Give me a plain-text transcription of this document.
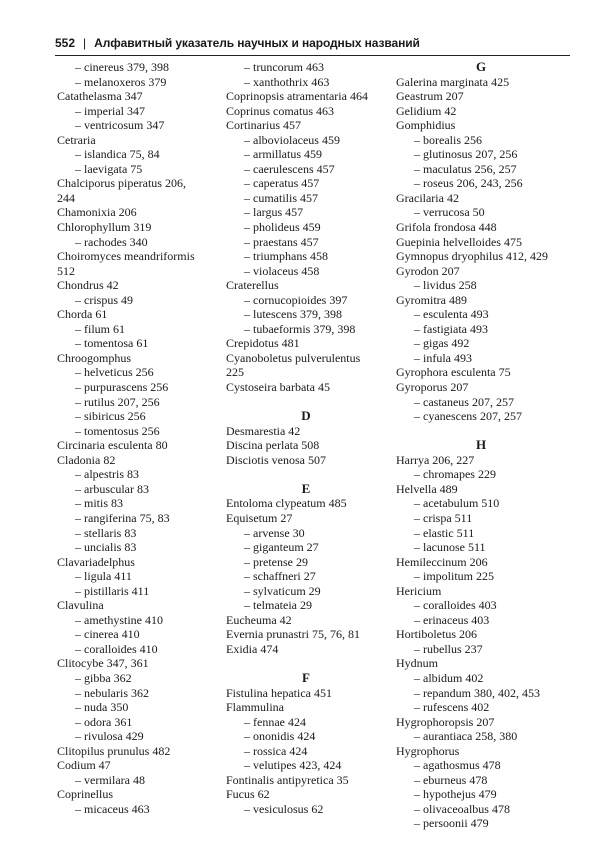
552 | Алфавитный указатель научных и народных названий
– cinereus 379, 398
– melanoxeros 379
Catathelasma 347
– imperial 347
– ventricosum 347
Cetraria
– islandica 75, 84
– laevigata 75
Chalciporus piperatus 206,
244
Chamonixia 206
Chlorophyllum 319
– rachodes 340
Choiromyces meandriformis
512
Chondrus 42
– crispus 49
Chorda 61
– filum 61
– tomentosa 61
Chroogomphus
– helveticus 256
– purpurascens 256
– rutilus 207, 256
– sibiricus 256
– tomentosus 256
Circinaria esculenta 80
Cladonia 82
– alpestris 83
– arbuscular 83
– mitis 83
– rangiferina 75, 83
– stellaris 83
– uncialis 83
Clavariadelphus
– ligula 411
– pistillaris 411
Clavulina
– amethystine 410
– cinerea 410
– coralloides 410
Clitocybe 347, 361
– gibba 362
– nebularis 362
– nuda 350
– odora 361
– rivulosa 429
Clitopilus prunulus 482
Codium 47
– vermilara 48
Coprinellus
– micaceus 463
– truncorum 463
– xanthothrix 463
Coprinopsis atramentaria 464
Coprinus comatus 463
Cortinarius 457
– alboviolaceus 459
– armillatus 459
– caerulescens 457
– caperatus 457
– cumatilis 457
– largus 457
– pholideus 459
– praestans 457
– triumphans 458
– violaceus 458
Craterellus
– cornucopioides 397
– lutescens 379, 398
– tubaeformis 379, 398
Crepidotus 481
Cyanoboletus pulverulentus
225
Cystoseira barbata 45
D
Desmarestia 42
Discina perlata 508
Disciotis venosa 507
E
Entoloma clypeatum 485
Equisetum 27
– arvense 30
– giganteum 27
– pretense 29
– schaffneri 27
– sylvaticum 29
– telmateia 29
Eucheuma 42
Evernia prunastri 75, 76, 81
Exidia 474
F
Fistulina hepatica 451
Flammulina
– fennae 424
– ononidis 424
– rossica 424
– velutipes 423, 424
Fontinalis antipyretica 35
Fucus 62
– vesiculosus 62
G
Galerina marginata 425
Geastrum 207
Gelidium 42
Gomphidius
– borealis 256
– glutinosus 207, 256
– maculatus 256, 257
– roseus 206, 243, 256
Gracilaria 42
– verrucosa 50
Grifola frondosa 448
Guepinia helvelloides 475
Gymnopus dryophilus 412, 429
Gyrodon 207
– lividus 258
Gyromitra 489
– esculenta 493
– fastigiata 493
– gigas 492
– infula 493
Gyrophora esculenta 75
Gyroporus 207
– castaneus 207, 257
– cyanescens 207, 257
H
Harrya 206, 227
– chromapes 229
Helvella 489
– acetabulum 510
– crispa 511
– elastic 511
– lacunose 511
Hemileccinum 206
– impolitum 225
Hericium
– coralloides 403
– erinaceus 403
Hortiboletus 206
– rubellus 237
Hydnum
– albidum 402
– repandum 380, 402, 453
– rufescens 402
Hygrophoropsis 207
– aurantiaca 258, 380
Hygrophorus
– agathosmus 478
– eburneus 478
– hypothejus 479
– olivaceoalbus 478
– persoonii 479
